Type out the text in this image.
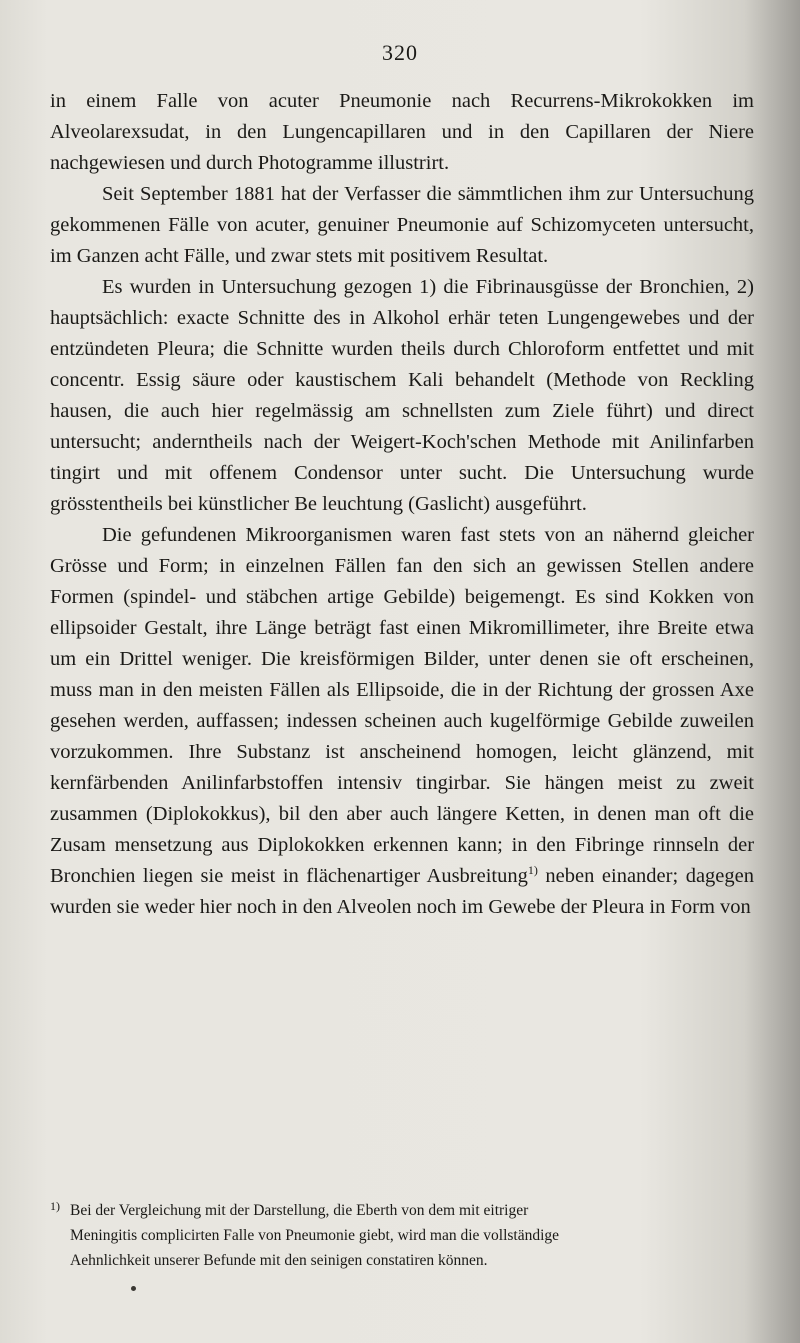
320

in einem Falle von acuter Pneumonie nach Recurrens-Mikrokokken im Alveolarexsudat, in den Lungencapillaren und in den Capillaren der Niere nachgewiesen und durch Photogramme illustrirt.

Seit September 1881 hat der Verfasser die sämmtlichen ihm zur Untersuchung gekommenen Fälle von acuter, genuiner Pneumonie auf Schizomyceten untersucht, im Ganzen acht Fälle, und zwar stets mit positivem Resultat.

Es wurden in Untersuchung gezogen 1) die Fibrinausgüsse der Bronchien, 2) hauptsächlich: exacte Schnitte des in Alkohol erhär teten Lungengewebes und der entzündeten Pleura; die Schnitte wurden theils durch Chloroform entfettet und mit concentr. Essig säure oder kaustischem Kali behandelt (Methode von Reckling hausen, die auch hier regelmässig am schnellsten zum Ziele führt) und direct untersucht; anderntheils nach der Weigert-Koch'schen Methode mit Anilinfarben tingirt und mit offenem Condensor unter sucht. Die Untersuchung wurde grösstentheils bei künstlicher Be leuchtung (Gaslicht) ausgeführt.

Die gefundenen Mikroorganismen waren fast stets von an nähernd gleicher Grösse und Form; in einzelnen Fällen fan den sich an gewissen Stellen andere Formen (spindel- und stäbchen artige Gebilde) beigemengt. Es sind Kokken von ellipsoider Gestalt, ihre Länge beträgt fast einen Mikromillimeter, ihre Breite etwa um ein Drittel weniger. Die kreisförmigen Bilder, unter denen sie oft erscheinen, muss man in den meisten Fällen als Ellipsoide, die in der Richtung der grossen Axe gesehen werden, auffassen; indessen scheinen auch kugelförmige Gebilde zuweilen vorzukommen. Ihre Substanz ist anscheinend homogen, leicht glänzend, mit kernfärbenden Anilinfarbstoffen intensiv tingirbar. Sie hängen meist zu zweit zusammen (Diplokokkus), bil den aber auch längere Ketten, in denen man oft die Zusam mensetzung aus Diplokokken erkennen kann; in den Fibringe rinnseln der Bronchien liegen sie meist in flächenartiger Ausbreitung$^{1)}$ neben einander; dagegen wurden sie weder hier noch in den Alveolen noch im Gewebe der Pleura in Form von

1) Bei der Vergleichung mit der Darstellung, die Eberth von dem mit eitriger
Meningitis complicirten Falle von Pneumonie giebt, wird man die vollständige
Aehnlichkeit unserer Befunde mit den seinigen constatiren können.
